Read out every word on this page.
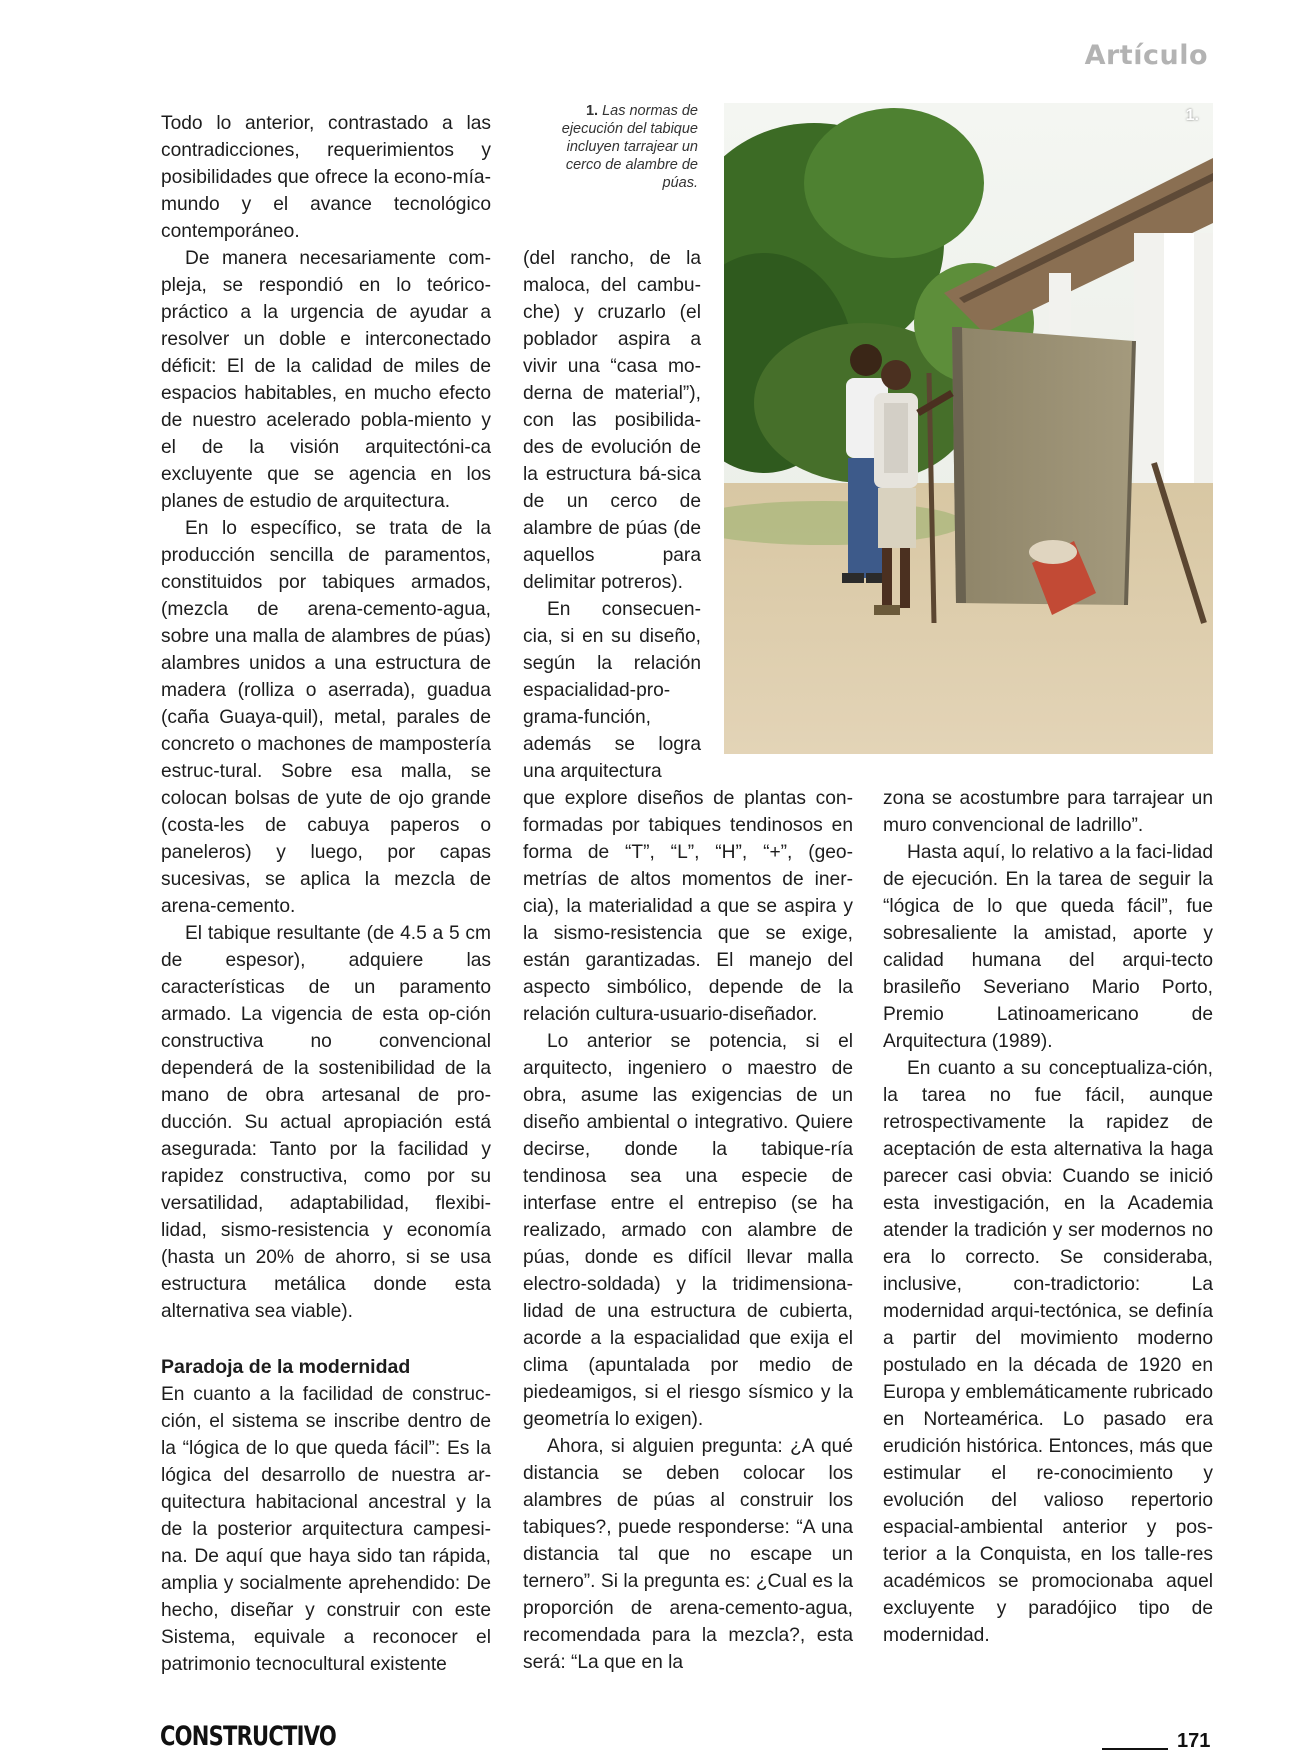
Artículo
1. Las normas de ejecución del tabique incluyen tarrajear un cerco de alambre de púas.
1.

Todo lo anterior, contrastado a las contradicciones, requerimientos y posibilidades que ofrece la econo-mía-mundo y el avance tecnológico contemporáneo.

De manera necesariamente com-pleja, se respondió en lo teórico-práctico a la urgencia de ayudar a resolver un doble e interconectado déficit: El de la calidad de miles de espacios habitables, en mucho efecto de nuestro acelerado pobla-miento y el de la visión arquitectóni-ca excluyente que se agencia en los planes de estudio de arquitectura.

En lo específico, se trata de la producción sencilla de paramentos, constituidos por tabiques armados, (mezcla de arena-cemento-agua, sobre una malla de alambres de púas) alambres unidos a una estructura de madera (rolliza o aserrada), guadua (caña Guaya-quil), metal, parales de concreto o machones de mampostería estruc-tural. Sobre esa malla, se colocan bolsas de yute de ojo grande (costa-les de cabuya paperos o paneleros) y luego, por capas sucesivas, se aplica la mezcla de arena-cemento.

El tabique resultante (de 4.5 a 5 cm de espesor), adquiere las características de un paramento armado. La vigencia de esta op-ción constructiva no convencional dependerá de la sostenibilidad de la mano de obra artesanal de pro-ducción. Su actual apropiación está asegurada: Tanto por la facilidad y rapidez constructiva, como por su versatilidad, adaptabilidad, flexibi-lidad, sismo-resistencia y economía (hasta un 20% de ahorro, si se usa estructura metálica donde esta alternativa sea viable).

Paradoja de la modernidad

En cuanto a la facilidad de construc-ción, el sistema se inscribe dentro de la “lógica de lo que queda fácil”: Es la lógica del desarrollo de nuestra ar-quitectura habitacional ancestral y la de la posterior arquitectura campesi-na. De aquí que haya sido tan rápida, amplia y socialmente aprehendido: De hecho, diseñar y construir con este Sistema, equivale a reconocer el patrimonio tecnocultural existente

(del rancho, de la maloca, del cambu-che) y cruzarlo (el poblador aspira a vivir una “casa mo-derna de material”), con las posibilida-des de evolución de la estructura bá-sica de un cerco de alambre de púas (de aquellos para delimitar potreros).

En consecuen-cia, si en su diseño, según la relación espacialidad-pro-grama-función, además se logra una arquitectura

que explore diseños de plantas con-formadas por tabiques tendinosos en forma de “T”, “L”, “H”, “+”, (geo-metrías de altos momentos de iner-cia), la materialidad a que se aspira y la sismo-resistencia que se exige, están garantizadas. El manejo del aspecto simbólico, depende de la relación cultura-usuario-diseñador.

Lo anterior se potencia, si el arquitecto, ingeniero o maestro de obra, asume las exigencias de un diseño ambiental o integrativo. Quiere decirse, donde la tabique-ría tendinosa sea una especie de interfase entre el entrepiso (se ha realizado, armado con alambre de púas, donde es difícil llevar malla electro-soldada) y la tridimensiona-lidad de una estructura de cubierta, acorde a la espacialidad que exija el clima (apuntalada por medio de piedeamigos, si el riesgo sísmico y la geometría lo exigen).

Ahora, si alguien pregunta: ¿A qué distancia se deben colocar los alambres de púas al construir los tabiques?, puede responderse: “A una distancia tal que no escape un ternero”. Si la pregunta es: ¿Cual es la proporción de arena-cemento-agua, recomendada para la mezcla?, esta será: “La que en la

zona se acostumbre para tarrajear un muro convencional de ladrillo”.

Hasta aquí, lo relativo a la faci-lidad de ejecución. En la tarea de seguir la “lógica de lo que queda fácil”, fue sobresaliente la amistad, aporte y calidad humana del arqui-tecto brasileño Severiano Mario Porto, Premio Latinoamericano de Arquitectura (1989).

En cuanto a su conceptualiza-ción, la tarea no fue fácil, aunque retrospectivamente la rapidez de aceptación de esta alternativa la haga parecer casi obvia: Cuando se inició esta investigación, en la Academia atender la tradición y ser modernos no era lo correcto. Se consideraba, inclusive, con-tradictorio: La modernidad arqui-tectónica, se definía a partir del movimiento moderno postulado en la década de 1920 en Europa y emblemáticamente rubricado en Norteamérica. Lo pasado era erudición histórica. Entonces, más que estimular el re-conocimiento y evolución del valioso repertorio espacial-ambiental anterior y pos-terior a la Conquista, en los talle-res académicos se promocionaba aquel excluyente y paradójico tipo de modernidad.

CONSTRUCTIVO	171
